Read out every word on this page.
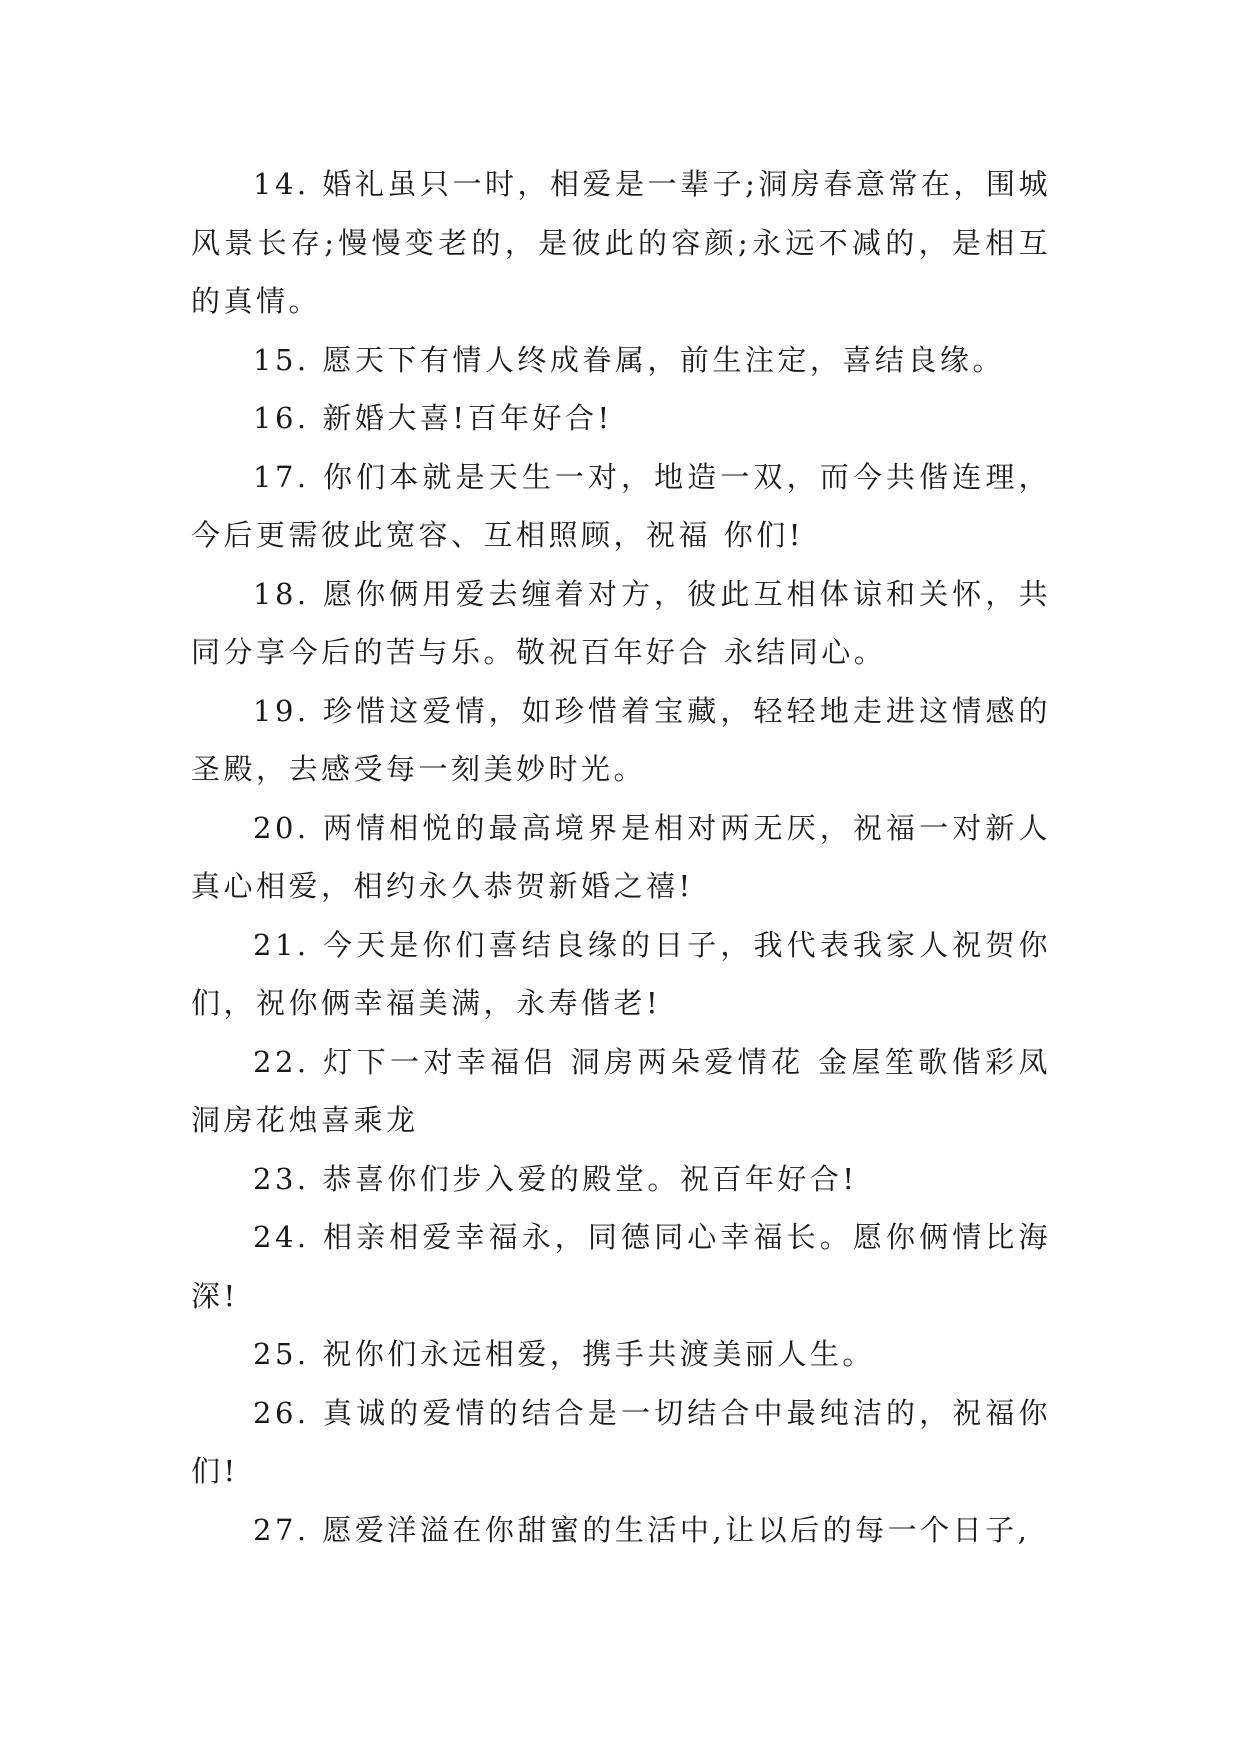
14. 婚礼虽只一时，相爱是一辈子;洞房春意常在，围城风景长存;慢慢变老的，是彼此的容颜;永远不减的，是相互的真情。

15. 愿天下有情人终成眷属，前生注定，喜结良缘。

16. 新婚大喜!百年好合!

17. 你们本就是天生一对，地造一双，而今共偕连理，今后更需彼此宽容、互相照顾，祝福 你们!

18. 愿你俩用爱去缠着对方，彼此互相体谅和关怀，共同分享今后的苦与乐。敬祝百年好合 永结同心。

19. 珍惜这爱情，如珍惜着宝藏，轻轻地走进这情感的圣殿，去感受每一刻美妙时光。

20. 两情相悦的最高境界是相对两无厌，祝福一对新人真心相爱，相约永久恭贺新婚之禧!

21. 今天是你们喜结良缘的日子，我代表我家人祝贺你们，祝你俩幸福美满，永寿偕老!

22. 灯下一对幸福侣 洞房两朵爱情花 金屋笙歌偕彩凤 洞房花烛喜乘龙

23. 恭喜你们步入爱的殿堂。祝百年好合!

24. 相亲相爱幸福永，同德同心幸福长。愿你俩情比海深!

25. 祝你们永远相爱，携手共渡美丽人生。

26. 真诚的爱情的结合是一切结合中最纯洁的，祝福你们!

27. 愿爱洋溢在你甜蜜的生活中,让以后的每一个日子,
